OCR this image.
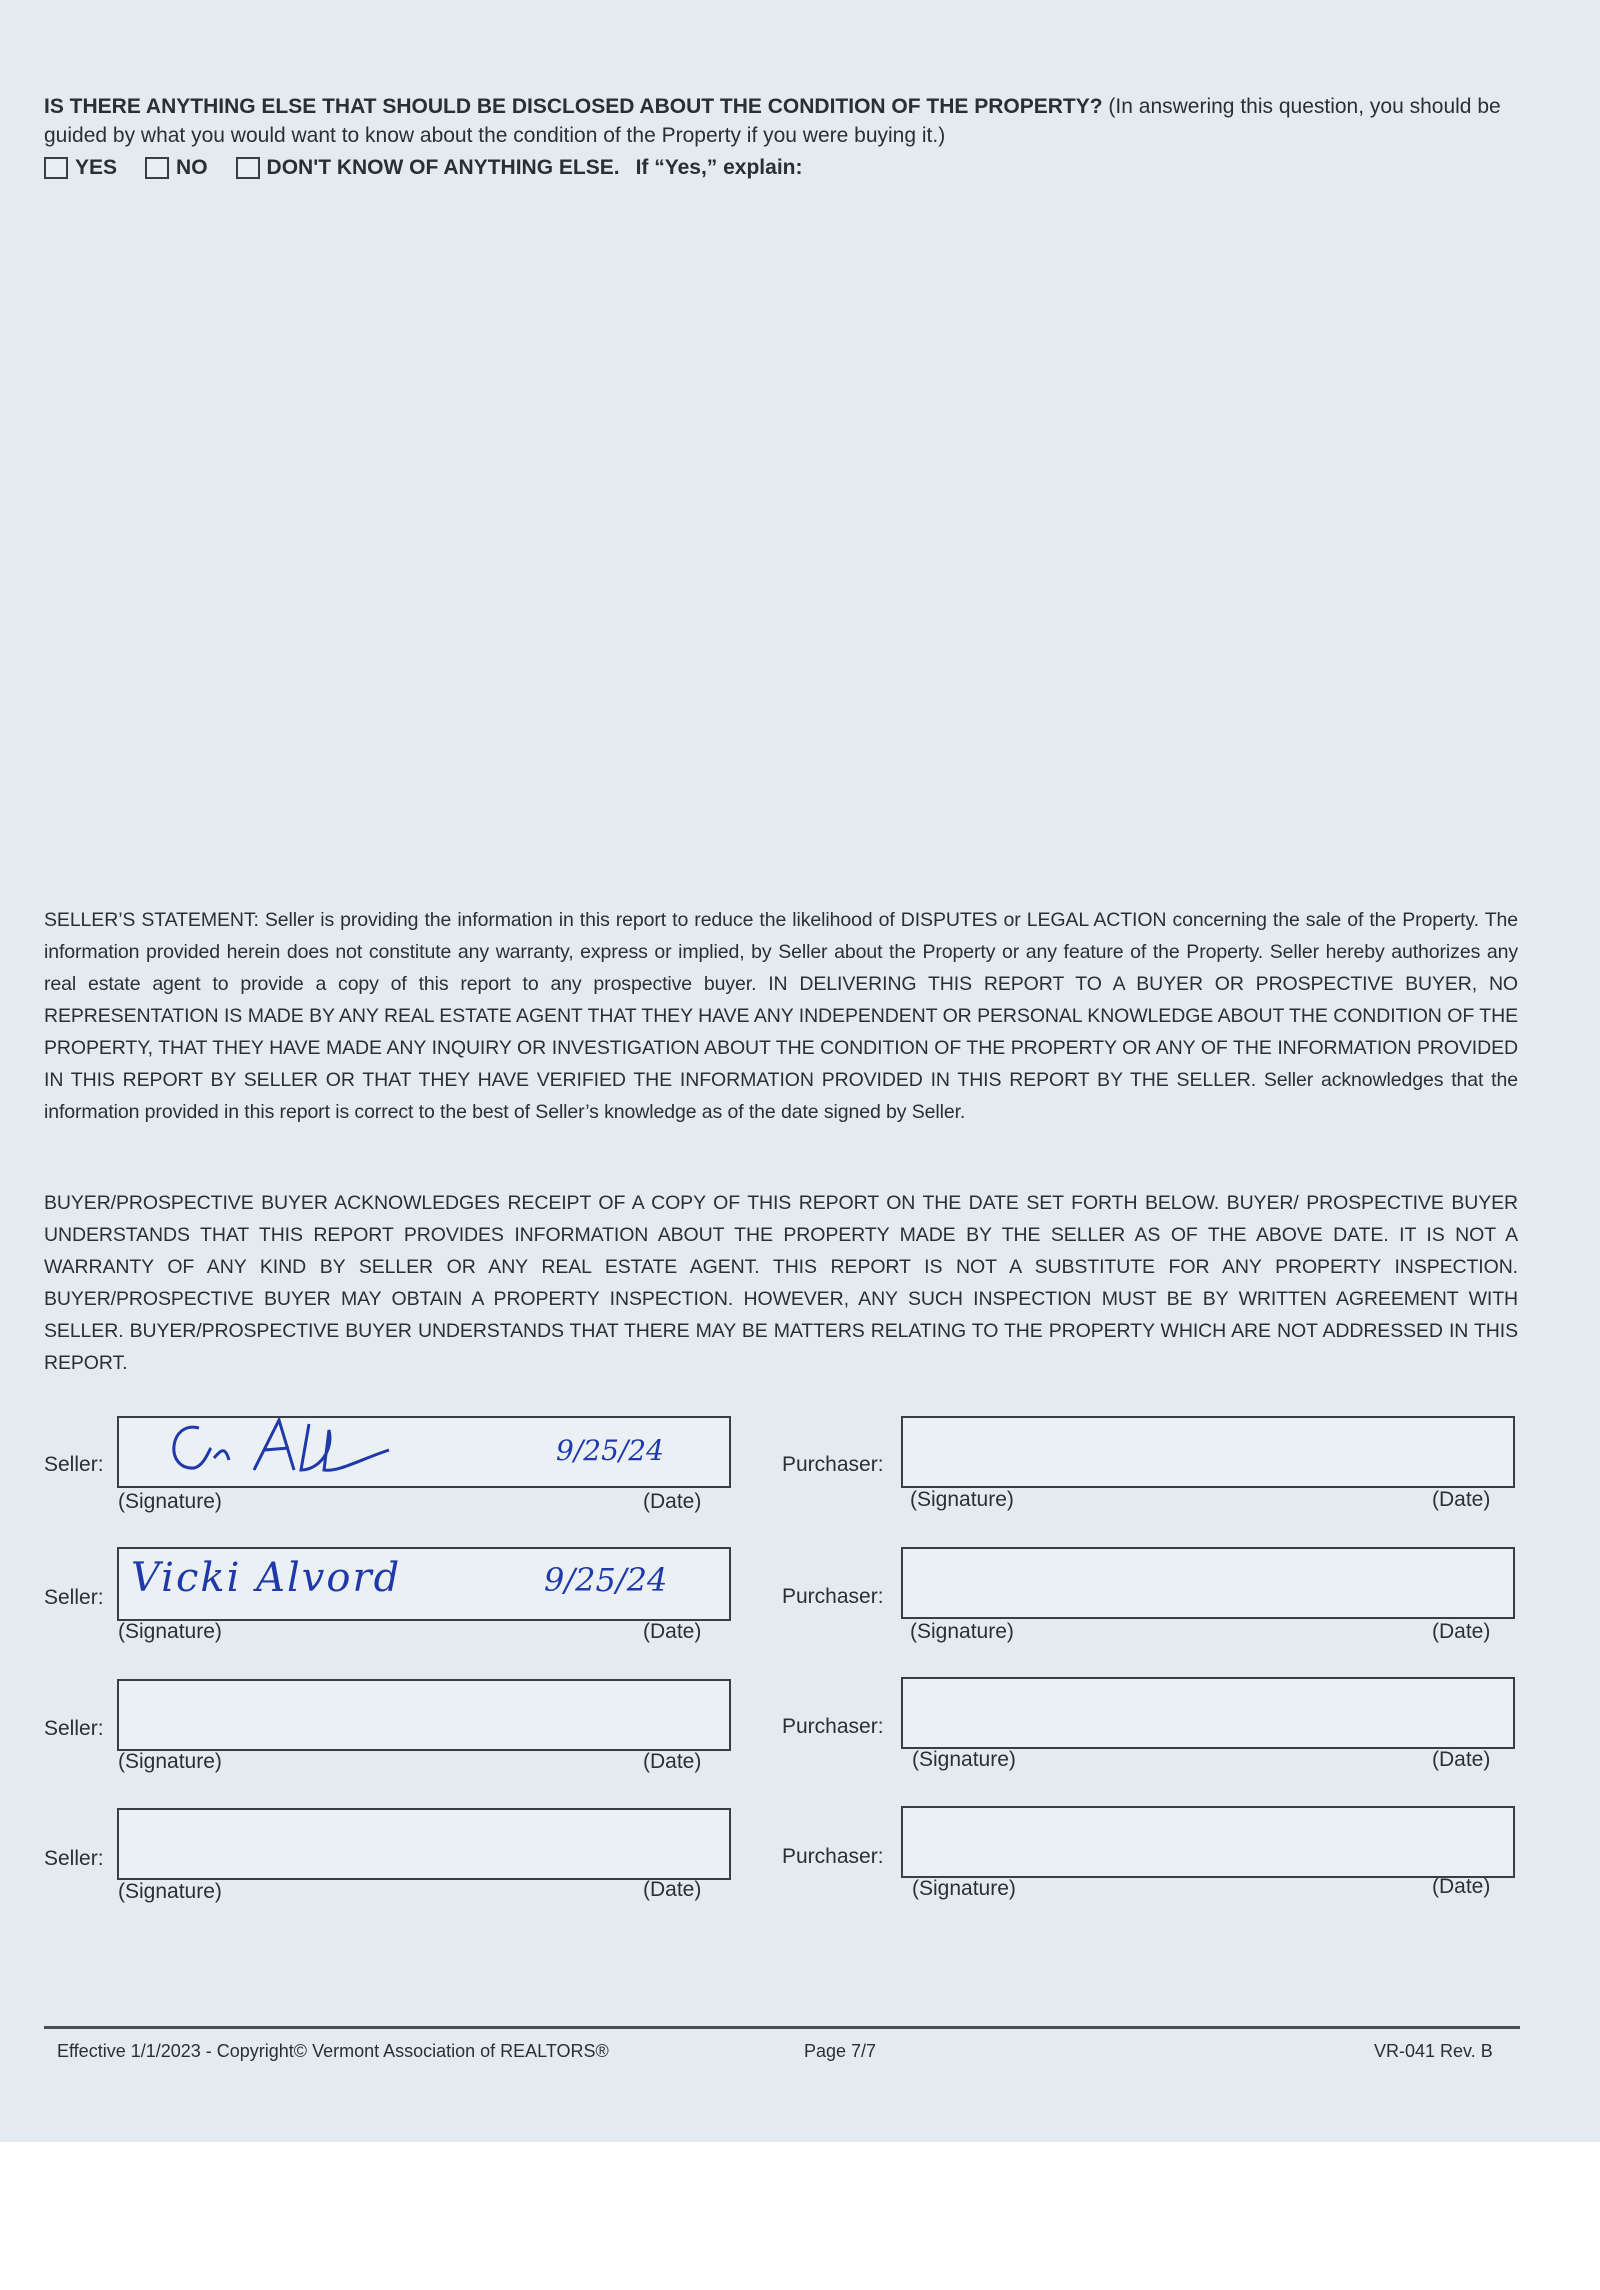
IS THERE ANYTHING ELSE THAT SHOULD BE DISCLOSED ABOUT THE CONDITION OF THE PROPERTY? (In answering this question, you should be guided by what you would want to know about the condition of the Property if you were buying it.)
YES	NO	DON'T KNOW OF ANYTHING ELSE. If “Yes,” explain:
SELLER’S STATEMENT: Seller is providing the information in this report to reduce the likelihood of DISPUTES or LEGAL ACTION concerning the sale of the Property. The information provided herein does not constitute any warranty, express or implied, by Seller about the Property or any feature of the Property. Seller hereby authorizes any real estate agent to provide a copy of this report to any prospective buyer. IN DELIVERING THIS REPORT TO A BUYER OR PROSPECTIVE BUYER, NO REPRESENTATION IS MADE BY ANY REAL ESTATE AGENT THAT THEY HAVE ANY INDEPENDENT OR PERSONAL KNOWLEDGE ABOUT THE CONDITION OF THE PROPERTY, THAT THEY HAVE MADE ANY INQUIRY OR INVESTIGATION ABOUT THE CONDITION OF THE PROPERTY OR ANY OF THE INFORMATION PROVIDED IN THIS REPORT BY SELLER OR THAT THEY HAVE VERIFIED THE INFORMATION PROVIDED IN THIS REPORT BY THE SELLER. Seller acknowledges that the information provided in this report is correct to the best of Seller’s knowledge as of the date signed by Seller.
BUYER/PROSPECTIVE BUYER ACKNOWLEDGES RECEIPT OF A COPY OF THIS REPORT ON THE DATE SET FORTH BELOW. BUYER/ PROSPECTIVE BUYER UNDERSTANDS THAT THIS REPORT PROVIDES INFORMATION ABOUT THE PROPERTY MADE BY THE SELLER AS OF THE ABOVE DATE. IT IS NOT A WARRANTY OF ANY KIND BY SELLER OR ANY REAL ESTATE AGENT. THIS REPORT IS NOT A SUBSTITUTE FOR ANY PROPERTY INSPECTION. BUYER/PROSPECTIVE BUYER MAY OBTAIN A PROPERTY INSPECTION. HOWEVER, ANY SUCH INSPECTION MUST BE BY WRITTEN AGREEMENT WITH SELLER. BUYER/PROSPECTIVE BUYER UNDERSTANDS THAT THERE MAY BE MATTERS RELATING TO THE PROPERTY WHICH ARE NOT ADDRESSED IN THIS REPORT.
Seller:	9/25/24
(Signature)	(Date)
Purchaser:
(Signature)	(Date)
Seller: Vicki Alvord	9/25/24
(Signature)	(Date)
Purchaser:
(Signature)	(Date)
Seller:
(Signature)	(Date)
Purchaser:
(Signature)	(Date)
Seller:
(Signature)	(Date)
Purchaser:
(Signature)	(Date)
Effective 1/1/2023 - Copyright© Vermont Association of REALTORS®	Page 7/7	VR-041 Rev. B
